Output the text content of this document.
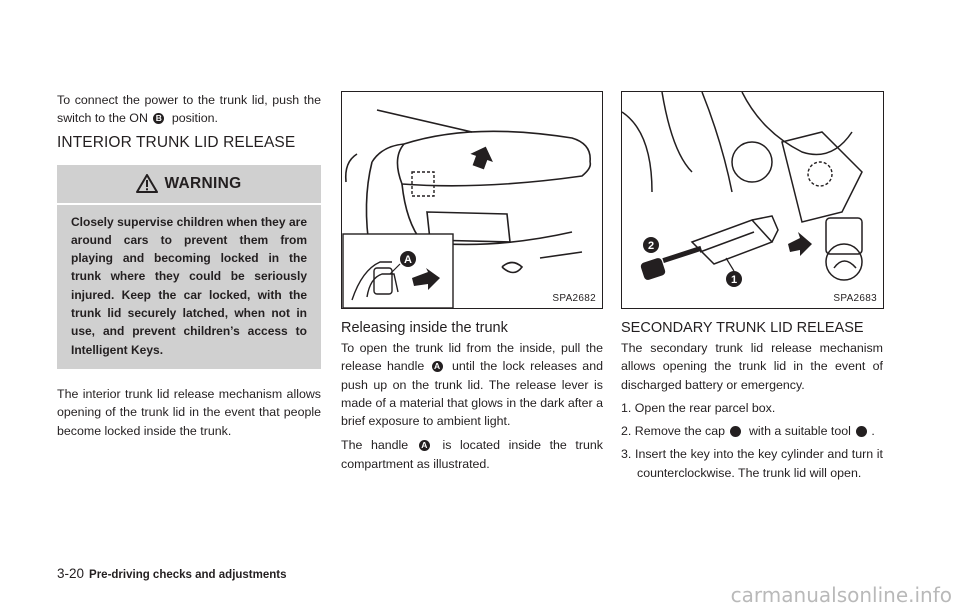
To connect the power to the trunk lid, push the switch to the ON B position.

INTERIOR TRUNK LID RELEASE
WARNING
Closely supervise children when they are around cars to prevent them from playing and becoming locked in the trunk where they could be seriously injured. Keep the car locked, with the trunk lid securely latched, when not in use, and prevent children’s access to Intelligent Keys.

The interior trunk lid release mechanism allows opening of the trunk lid in the event that people become locked inside the trunk.

A
SPA2682
Releasing inside the trunk

To open the trunk lid from the inside, pull the release handle A until the lock releases and push up on the trunk lid. The release lever is made of a material that glows in the dark after a brief exposure to ambient light.

The handle A is located inside the trunk compartment as illustrated.

2
1
SPA2683
SECONDARY TRUNK LID RELEASE

The secondary trunk lid release mechanism allows opening the trunk lid in the event of discharged battery or emergency.

1. Open the rear parcel box.

2. Remove the cap 1 with a suitable tool 2 .

3. Insert the key into the key cylinder and turn it counterclockwise. The trunk lid will open.

3-20 Pre-driving checks and adjustments
carmanualsonline.info
